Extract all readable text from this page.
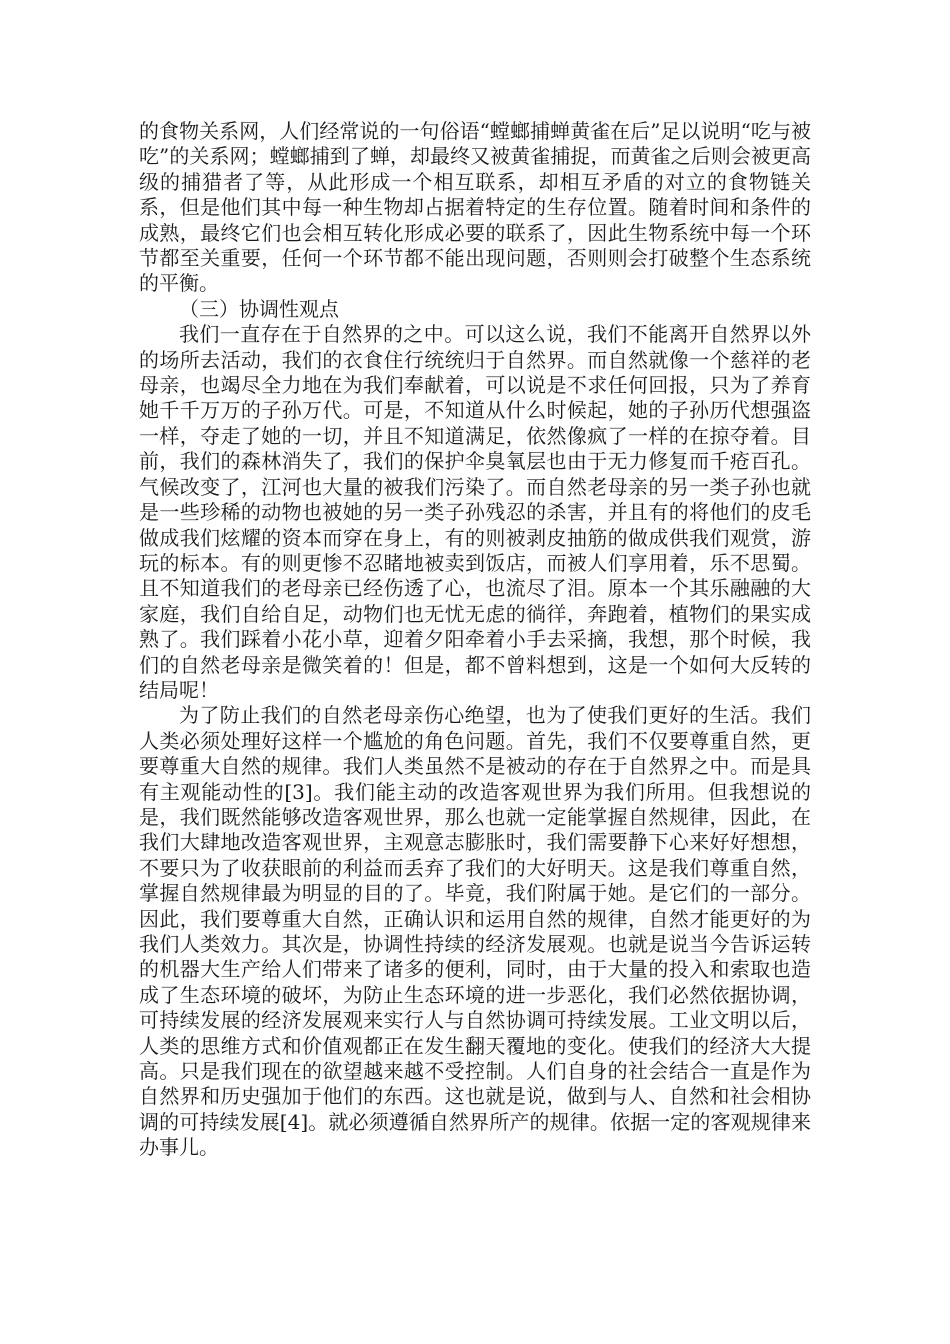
的食物关系网，人们经常说的一句俗语“螳螂捕蝉黄雀在后”足以说明“吃与被吃”的关系网；螳螂捕到了蝉，却最终又被黄雀捕捉，而黄雀之后则会被更高级的捕猎者了等，从此形成一个相互联系，却相互矛盾的对立的食物链关系，但是他们其中每一种生物却占据着特定的生存位置。随着时间和条件的成熟，最终它们也会相互转化形成必要的联系了，因此生物系统中每一个环节都至关重要，任何一个环节都不能出现问题，否则则会打破整个生态系统的平衡。

（三）协调性观点

我们一直存在于自然界的之中。可以这么说，我们不能离开自然界以外的场所去活动，我们的衣食住行统统归于自然界。而自然就像一个慈祥的老母亲，也竭尽全力地在为我们奉献着，可以说是不求任何回报，只为了养育她千千万万的子孙万代。可是，不知道从什么时候起，她的子孙历代想强盗一样，夺走了她的一切，并且不知道满足，依然像疯了一样的在掠夺着。目前，我们的森林消失了，我们的保护伞臭氧层也由于无力修复而千疮百孔。气候改变了，江河也大量的被我们污染了。而自然老母亲的另一类子孙也就是一些珍稀的动物也被她的另一类子孙残忍的杀害，并且有的将他们的皮毛做成我们炫耀的资本而穿在身上，有的则被剥皮抽筋的做成供我们观赏，游玩的标本。有的则更惨不忍睹地被卖到饭店，而被人们享用着，乐不思蜀。且不知道我们的老母亲已经伤透了心，也流尽了泪。原本一个其乐融融的大家庭，我们自给自足，动物们也无忧无虑的徜徉，奔跑着，植物们的果实成熟了。我们踩着小花小草，迎着夕阳牵着小手去采摘，我想，那个时候，我们的自然老母亲是微笑着的！但是，都不曾料想到，这是一个如何大反转的结局呢！

为了防止我们的自然老母亲伤心绝望，也为了使我们更好的生活。我们人类必须处理好这样一个尴尬的角色问题。首先，我们不仅要尊重自然，更要尊重大自然的规律。我们人类虽然不是被动的存在于自然界之中。而是具有主观能动性的[3]。我们能主动的改造客观世界为我们所用。但我想说的是，我们既然能够改造客观世界，那么也就一定能掌握自然规律，因此，在我们大肆地改造客观世界，主观意志膨胀时，我们需要静下心来好好想想，不要只为了收获眼前的利益而丢弃了我们的大好明天。这是我们尊重自然，掌握自然规律最为明显的目的了。毕竟，我们附属于她。是它们的一部分。因此，我们要尊重大自然，正确认识和运用自然的规律，自然才能更好的为我们人类效力。其次是，协调性持续的经济发展观。也就是说当今告诉运转的机器大生产给人们带来了诸多的便利，同时，由于大量的投入和索取也造成了生态环境的破坏，为防止生态环境的进一步恶化，我们必然依据协调，可持续发展的经济发展观来实行人与自然协调可持续发展。工业文明以后，人类的思维方式和价值观都正在发生翻天覆地的变化。使我们的经济大大提高。只是我们现在的欲望越来越不受控制。人们自身的社会结合一直是作为自然界和历史强加于他们的东西。这也就是说，做到与人、自然和社会相协调的可持续发展[4]。就必须遵循自然界所产的规律。依据一定的客观规律来办事儿。
